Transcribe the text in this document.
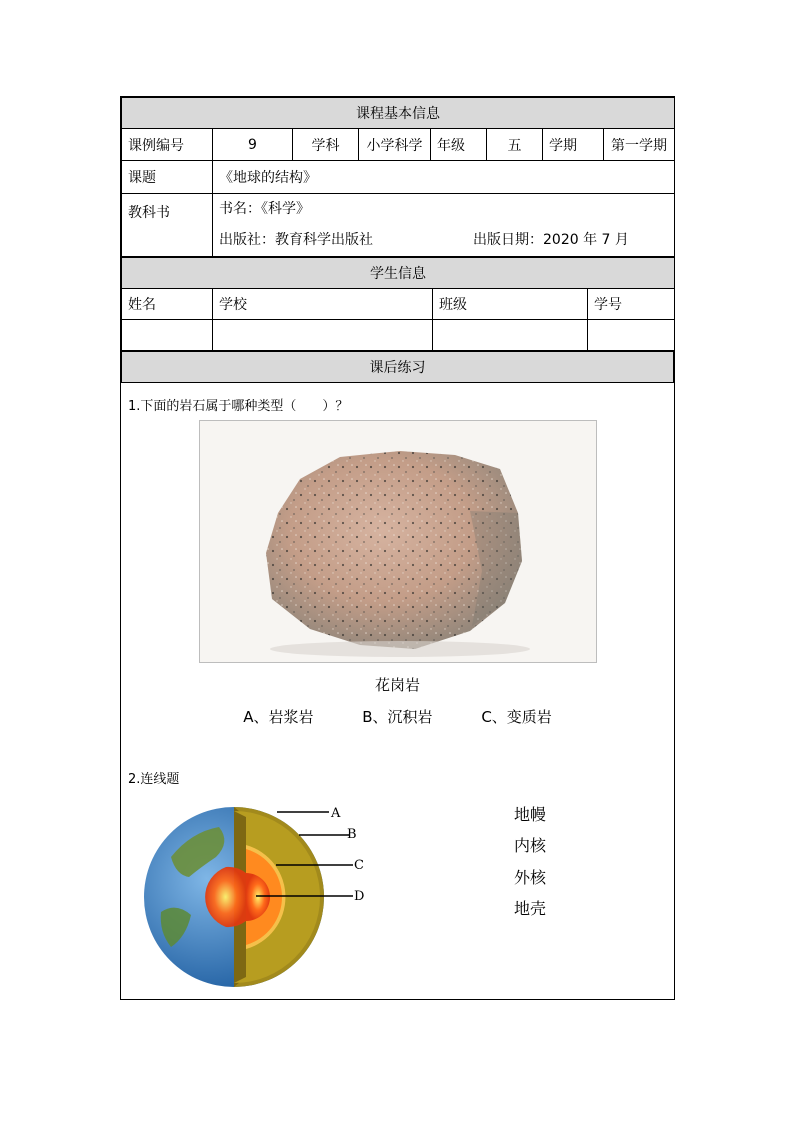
课程基本信息							
课例编号	9	学科	小学科学	年级	五	学期	第一学期
课题	《地球的结构》						
教科书	书名：《科学》
出版社：教育科学出版社 出版日期：2020 年 7 月						
学生信息			
姓名	学校	班级	学号

课后练习
1.下面的岩石属于哪种类型（　　）？
花岗岩
A、岩浆岩	B、沉积岩	C、变质岩
2.连线题
A
B
C
D
地幔
内核
外核
地壳
